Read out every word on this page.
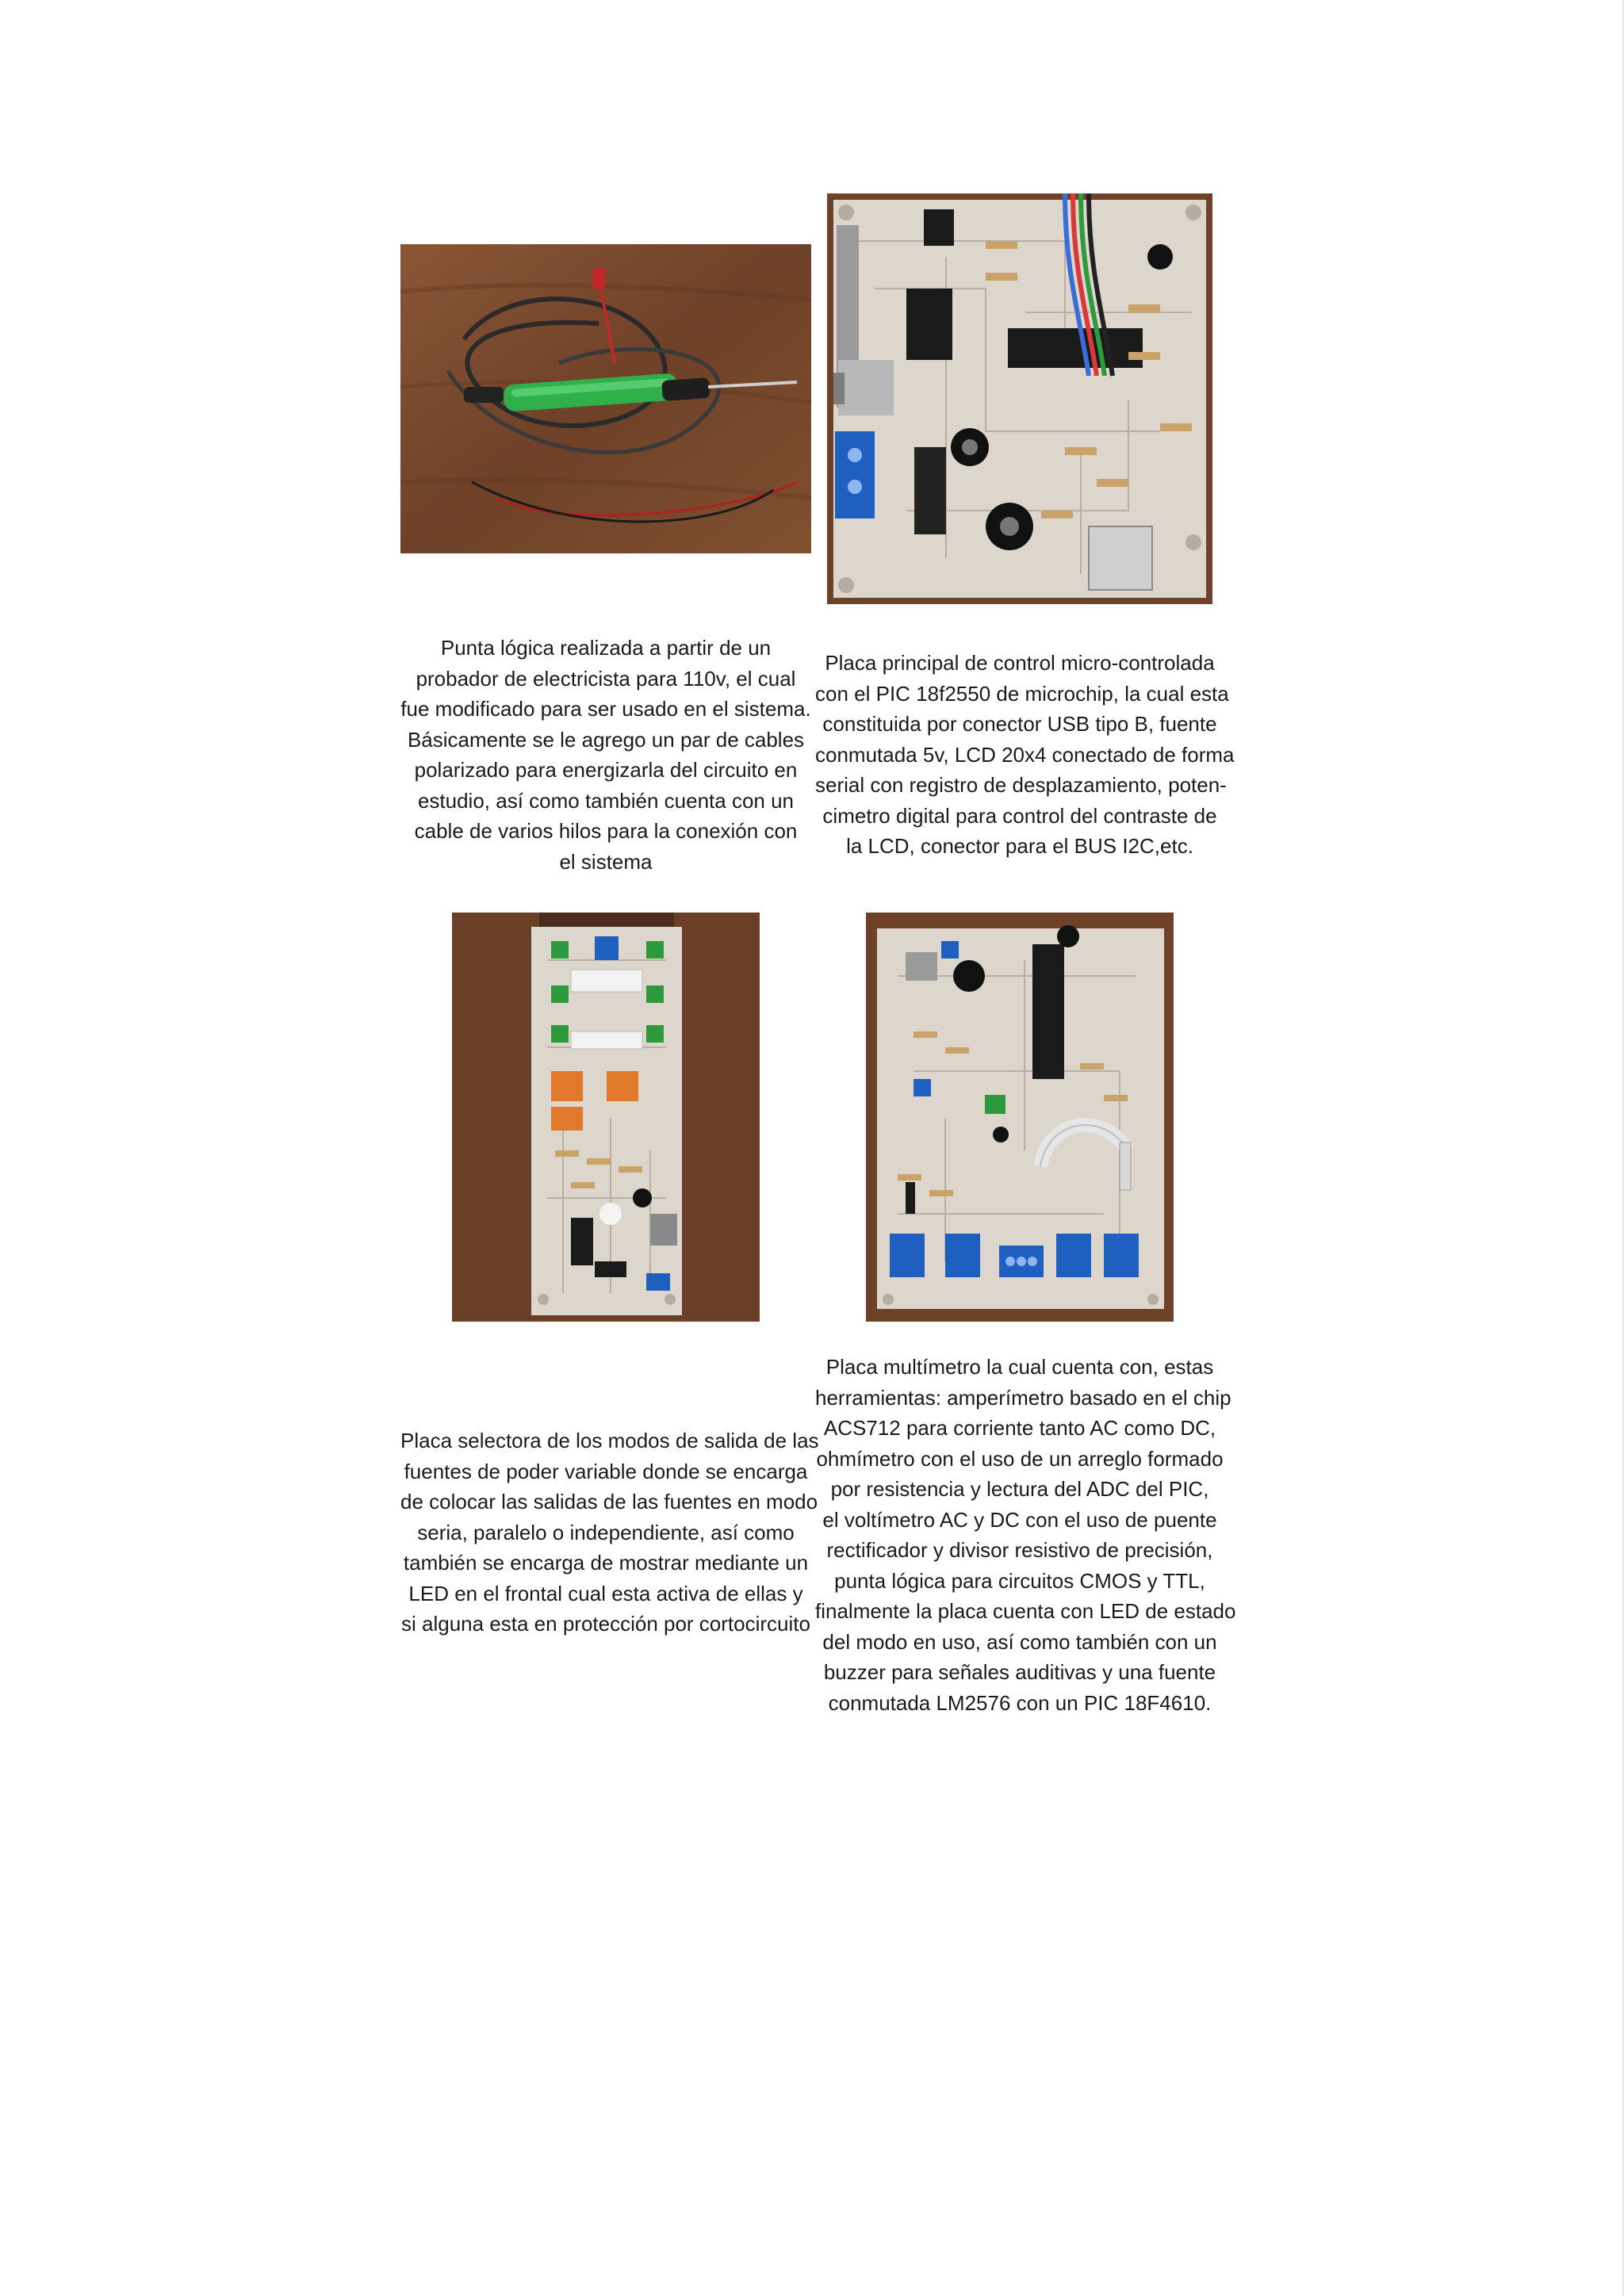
Punta lógica realizada a partir de un
probador de electricista para 110v, el cual
fue modificado para ser usado en el sistema.
Básicamente se le agrego un par de cables
polarizado para energizarla del circuito en
estudio, así como también cuenta con un
cable de varios hilos para la conexión con
el sistema
Placa principal de control micro-controlada
con el PIC 18f2550 de microchip, la cual esta
constituida por conector USB tipo B, fuente
conmutada 5v, LCD 20x4 conectado de forma
serial con registro de desplazamiento, poten-
cimetro digital para control del contraste de
la LCD, conector para el BUS I2C,etc.
Placa selectora de los modos de salida de las
fuentes de poder variable donde se encarga
de colocar las salidas de las fuentes en modo
seria, paralelo o independiente, así como
también se encarga de mostrar mediante un
LED en el frontal cual esta activa de ellas y
si alguna esta en protección por cortocircuito
Placa multímetro la cual cuenta con, estas
herramientas: amperímetro basado en el chip
ACS712 para corriente tanto AC como DC,
ohmímetro con el uso de un arreglo formado
por resistencia y lectura del ADC del PIC,
el voltímetro AC y DC con el uso de puente
rectificador y divisor resistivo de precisión,
punta lógica para circuitos CMOS y TTL,
finalmente la placa cuenta con LED de estado
del modo en uso, así como también con un
buzzer para señales auditivas y una fuente
conmutada LM2576 con un PIC 18F4610.
